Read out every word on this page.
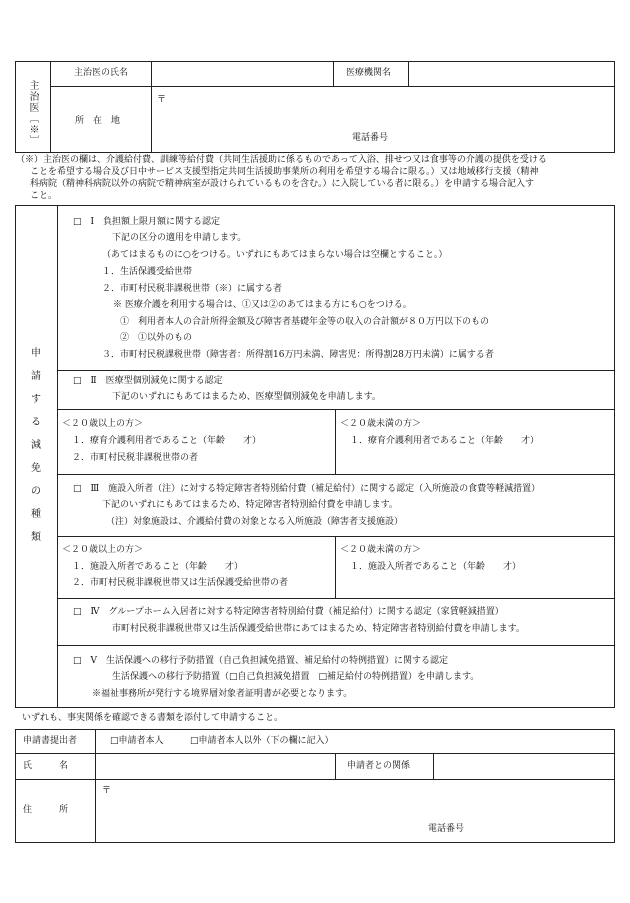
主治医〔※〕
主治医の氏名	医療機関名
所　在　地
〒
電話番号
（※）主治医の欄は、介護給付費、訓練等給付費（共同生活援助に係るものであって入浴、排せつ又は食事等の介護の提供を受ける
ことを希望する場合及び日中サービス支援型指定共同生活援助事業所の利用を希望する場合に限る。）又は地域移行支援（精神
科病院（精神科病院以外の病院で精神病室が設けられているものを含む。）に入院している者に限る。）を申請する場合記入す
こと。
申
請
す
る
減
免
の
種
類
□　Ⅰ　負担額上限月額に関する認定
下記の区分の適用を申請します。
（あてはまるものに○をつける。いずれにもあてはまらない場合は空欄とすること。）
１．生活保護受給世帯
２．市町村民税非課税世帯（※）に属する者
※ 医療介護を利用する場合は、①又は②のあてはまる方にも○をつける。
①　利用者本人の合計所得金額及び障害者基礎年金等の収入の合計額が８０万円以下のもの
②　①以外のもの
３．市町村民税課税世帯（障害者：所得割16万円未満、障害児：所得割28万円未満）に属する者
□　Ⅱ　医療型個別減免に関する認定
下記のいずれにもあてはまるため、医療型個別減免を申請します。
＜２０歳以上の方＞
１．療育介護利用者であること（年齢　　才）
２．市町村民税非課税世帯の者
＜２０歳未満の方＞
１．療育介護利用者であること（年齢　　才）
□　Ⅲ　施設入所者（注）に対する特定障害者特別給付費（補足給付）に関する認定（入所施設の食費等軽減措置）
下記のいずれにもあてはまるため、特定障害者特別給付費を申請します。
（注）対象施設は、介護給付費の対象となる入所施設（障害者支援施設）
＜２０歳以上の方＞
１．施設入所者であること（年齢　　才）
２．市町村民税非課税世帯又は生活保護受給世帯の者
＜２０歳未満の方＞
１．施設入所者であること（年齢　　才）
□　Ⅳ　グループホーム入居者に対する特定障害者特別給付費（補足給付）に関する認定（家賃軽減措置）
市町村民税非課税世帯又は生活保護受給世帯にあてはまるため、特定障害者特別給付費を申請します。
□　Ⅴ　生活保護への移行予防措置（自己負担減免措置、補足給付の特例措置）に関する認定
生活保護への移行予防措置（□自己負担減免措置　□補足給付の特例措置）を申請します。
※福祉事務所が発行する境界層対象者証明書が必要となります。
いずれも、事実関係を確認できる書類を添付して申請すること。
申請書提出者	□申請者本人	□申請者本人以外（下の欄に記入）
氏　　　名	申請者との関係
住　　　所
〒
電話番号
